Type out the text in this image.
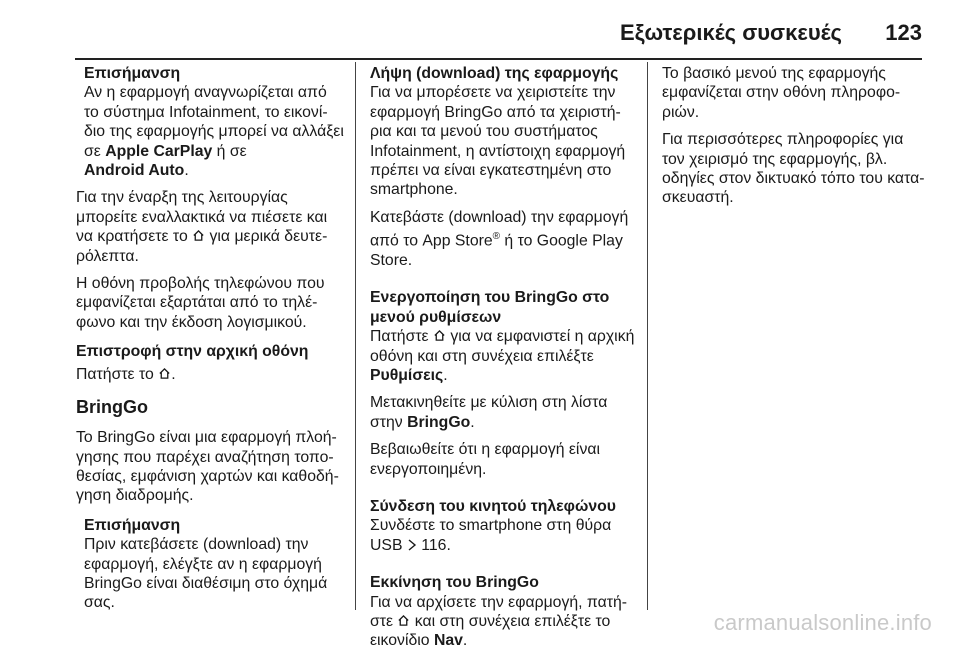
Εξωτερικές συσκευές 123
Επισήμανση
Αν η εφαρμογή αναγνωρίζεται από
το σύστημα Infotainment, το εικονί‐
διο της εφαρμογής μπορεί να αλλάξει
σε Apple CarPlay ή σε
Android Auto.
Για την έναρξη της λειτουργίας
μπορείτε εναλλακτικά να πιέσετε και
να κρατήσετε το  για μερικά δευτε‐
ρόλεπτα.
Η οθόνη προβολής τηλεφώνου που
εμφανίζεται εξαρτάται από το τηλέ‐
φωνο και την έκδοση λογισμικού.
Επιστροφή στην αρχική οθόνη
Πατήστε το .
BringGo
Το BringGo είναι μια εφαρμογή πλοή‐
γησης που παρέχει αναζήτηση τοπο‐
θεσίας, εμφάνιση χαρτών και καθοδή‐
γηση διαδρομής.
Επισήμανση
Πριν κατεβάσετε (download) την
εφαρμογή, ελέγξτε αν η εφαρμογή
BringGo είναι διαθέσιμη στο όχημά
σας.
Λήψη (download) της εφαρμογής
Για να μπορέσετε να χειριστείτε την
εφαρμογή BringGo από τα χειριστή‐
ρια και τα μενού του συστήματος
Infotainment, η αντίστοιχη εφαρμογή
πρέπει να είναι εγκατεστημένη στο
smartphone.
Κατεβάστε (download) την εφαρμογή
από το App Store® ή το Google Play
Store.
Ενεργοποίηση του BringGo στο
μενού ρυθμίσεων
Πατήστε  για να εμφανιστεί η αρχική
οθόνη και στη συνέχεια επιλέξτε
Ρυθμίσεις.
Μετακινηθείτε με κύλιση στη λίστα
στην BringGo.
Βεβαιωθείτε ότι η εφαρμογή είναι
ενεργοποιημένη.
Σύνδεση του κινητού τηλεφώνου
Συνδέστε το smartphone στη θύρα
USB  116.
Εκκίνηση του BringGo
Για να αρχίσετε την εφαρμογή, πατή‐
στε  και στη συνέχεια επιλέξτε το
εικονίδιο Nav.
Το βασικό μενού της εφαρμογής
εμφανίζεται στην οθόνη πληροφο‐
ριών.
Για περισσότερες πληροφορίες για
τον χειρισμό της εφαρμογής, βλ.
οδηγίες στον δικτυακό τόπο του κατα‐
σκευαστή.
carmanualsonline.info
